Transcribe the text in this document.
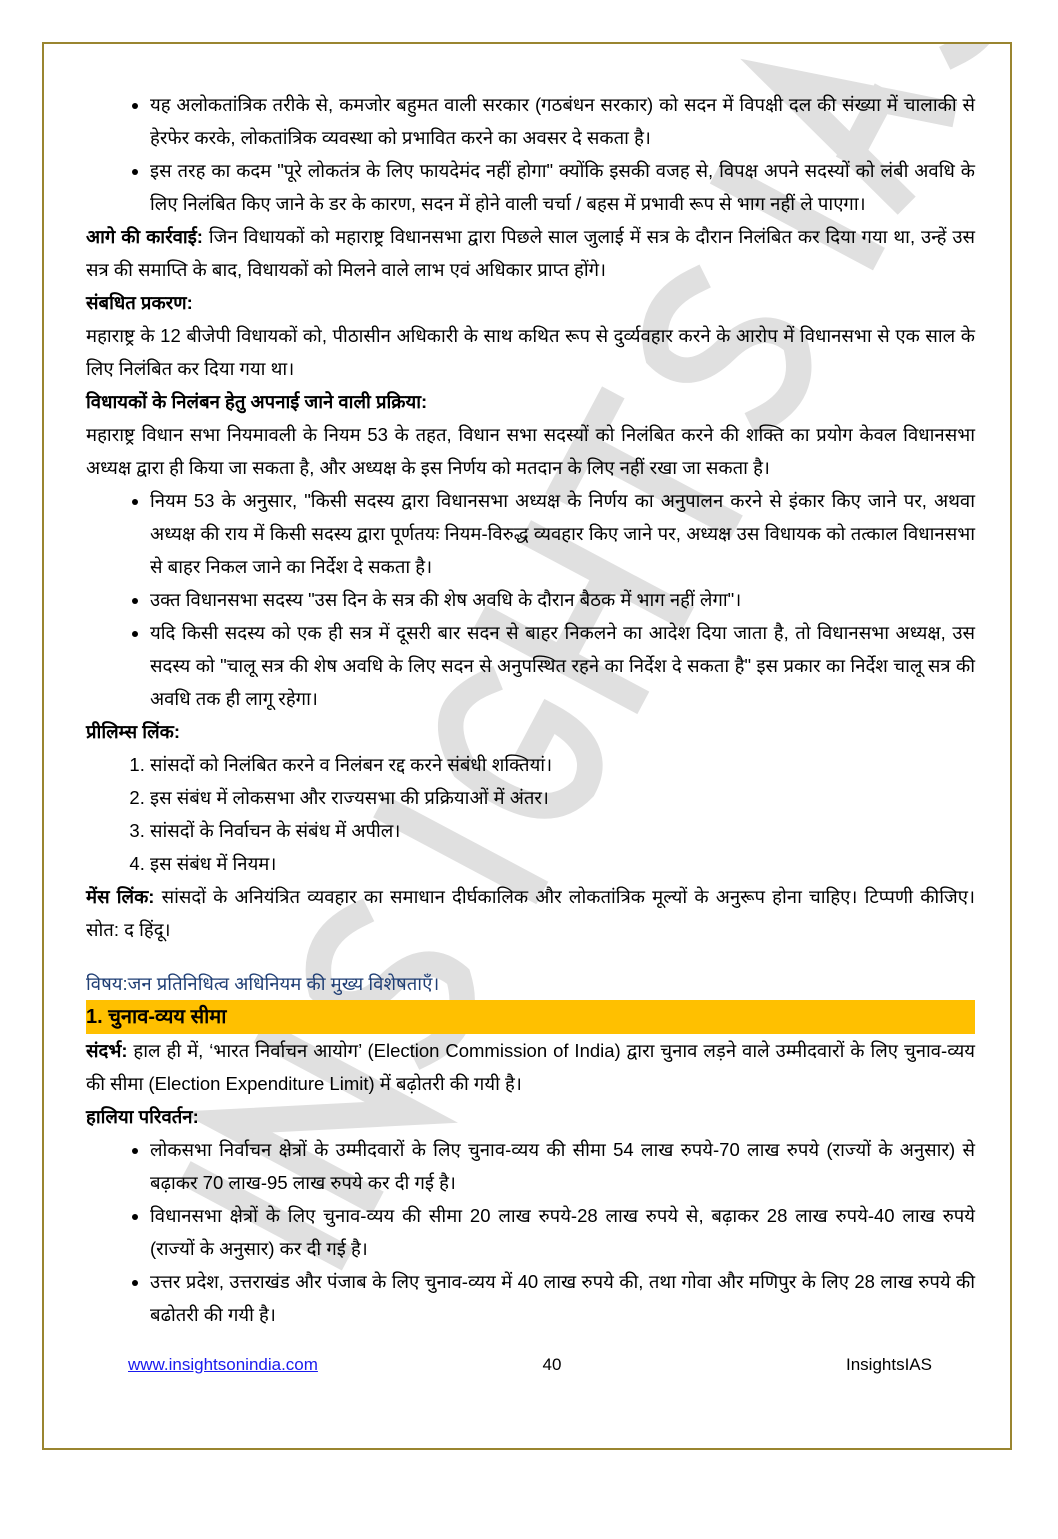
• यह अलोकतांत्रिक तरीके से, कमजोर बहुमत वाली सरकार (गठबंधन सरकार) को सदन में विपक्षी दल की संख्या में चालाकी से हेरफेर करके, लोकतांत्रिक व्यवस्था को प्रभावित करने का अवसर दे सकता है।
• इस तरह का कदम "पूरे लोकतंत्र के लिए फायदेमंद नहीं होगा" क्योंकि इसकी वजह से, विपक्ष अपने सदस्यों को लंबी अवधि के लिए निलंबित किए जाने के डर के कारण, सदन में होने वाली चर्चा / बहस में प्रभावी रूप से भाग नहीं ले पाएगा।

आगे की कार्रवाई: जिन विधायकों को महाराष्ट्र विधानसभा द्वारा पिछले साल जुलाई में सत्र के दौरान निलंबित कर दिया गया था, उन्हें उस सत्र की समाप्ति के बाद, विधायकों को मिलने वाले लाभ एवं अधिकार प्राप्त होंगे।

संबधित प्रकरण:

महाराष्ट्र के 12 बीजेपी विधायकों को, पीठासीन अधिकारी के साथ कथित रूप से दुर्व्यवहार करने के आरोप में विधानसभा से एक साल के लिए निलंबित कर दिया गया था।

विधायकों के निलंबन हेतु अपनाई जाने वाली प्रक्रिया:

महाराष्ट्र विधान सभा नियमावली के नियम 53 के तहत, विधान सभा सदस्यों को निलंबित करने की शक्ति का प्रयोग केवल विधानसभा अध्यक्ष द्वारा ही किया जा सकता है, और अध्यक्ष के इस निर्णय को मतदान के लिए नहीं रखा जा सकता है।

• नियम 53 के अनुसार, "किसी सदस्य द्वारा विधानसभा अध्यक्ष के निर्णय का अनुपालन करने से इंकार किए जाने पर, अथवा अध्यक्ष की राय में किसी सदस्य द्वारा पूर्णतयः नियम-विरुद्ध व्यवहार किए जाने पर, अध्यक्ष उस विधायक को तत्काल विधानसभा से बाहर निकल जाने का निर्देश दे सकता है।
• उक्त विधानसभा सदस्य "उस दिन के सत्र की शेष अवधि के दौरान बैठक में भाग नहीं लेगा"।
• यदि किसी सदस्य को एक ही सत्र में दूसरी बार सदन से बाहर निकलने का आदेश दिया जाता है, तो विधानसभा अध्यक्ष, उस सदस्य को "चालू सत्र की शेष अवधि के लिए सदन से अनुपस्थित रहने का निर्देश दे सकता है" इस प्रकार का निर्देश चालू सत्र की अवधि तक ही लागू रहेगा।

प्रीलिम्स लिंक:

1. सांसदों को निलंबित करने व निलंबन रद्द करने संबंधी शक्तियां।
2. इस संबंध में लोकसभा और राज्यसभा की प्रक्रियाओं में अंतर।
3. सांसदों के निर्वाचन के संबंध में अपील।
4. इस संबंध में नियम।

मेंस लिंक: सांसदों के अनियंत्रित व्यवहार का समाधान दीर्घकालिक और लोकतांत्रिक मूल्यों के अनुरूप होना चाहिए। टिप्पणी कीजिए। सोत: द हिंदू।

विषय:जन प्रतिनिधित्व अधिनियम की मुख्य विशेषताएँ।

1. चुनाव-व्यय सीमा

संदर्भ: हाल ही में, ‘भारत निर्वाचन आयोग’ (Election Commission of India) द्वारा चुनाव लड़ने वाले उम्मीदवारों के लिए चुनाव-व्यय की सीमा (Election Expenditure Limit) में बढ़ोतरी की गयी है।

हालिया परिवर्तन:

• लोकसभा निर्वाचन क्षेत्रों के उम्मीदवारों के लिए चुनाव-व्यय की सीमा 54 लाख रुपये-70 लाख रुपये (राज्यों के अनुसार) से बढ़ाकर 70 लाख-95 लाख रुपये कर दी गई है।
• विधानसभा क्षेत्रों के लिए चुनाव-व्यय की सीमा 20 लाख रुपये-28 लाख रुपये से, बढ़ाकर 28 लाख रुपये-40 लाख रुपये (राज्यों के अनुसार) कर दी गई है।
• उत्तर प्रदेश, उत्तराखंड और पंजाब के लिए चुनाव-व्यय में 40 लाख रुपये की, तथा गोवा और मणिपुर के लिए 28 लाख रुपये की बढोतरी की गयी है।
www.insightsonindia.com	40	InsightsIAS
